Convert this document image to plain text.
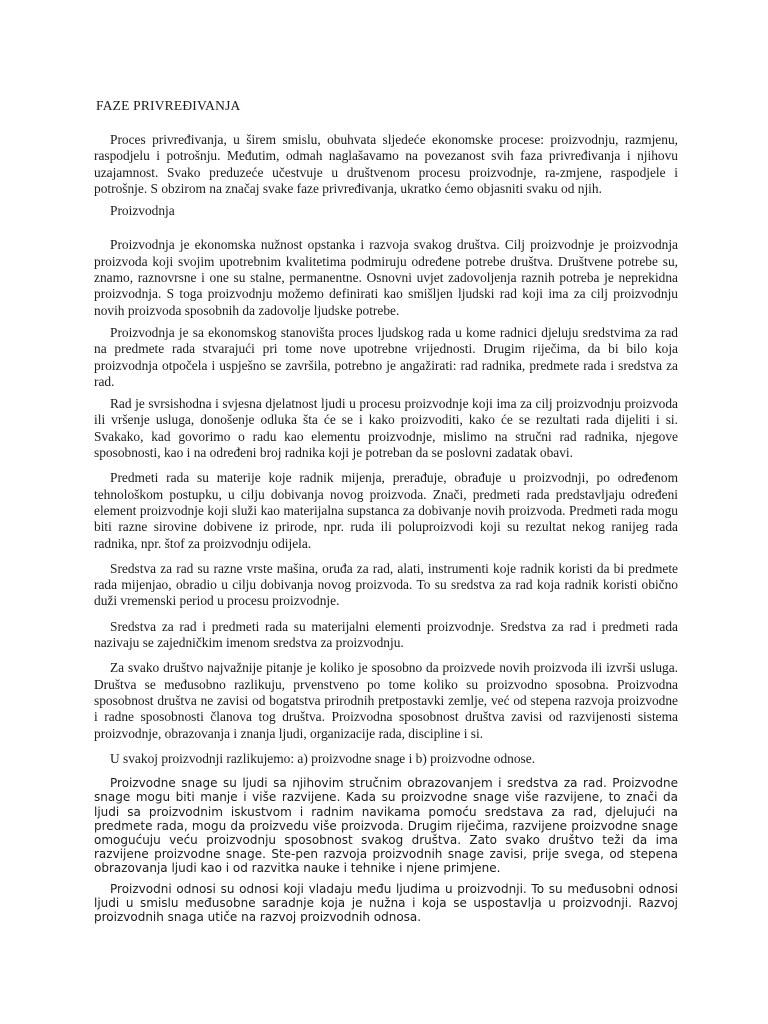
FAZE PRIVREĐIVANJA

Proces privređivanja, u širem smislu, obuhvata sljedeće ekonomske procese: proizvodnju, razmjenu, raspodjelu i potrošnju. Međutim, odmah naglašavamo na povezanost svih faza privređivanja i njihovu uzajamnost. Svako preduzeće učestvuje u društvenom procesu proizvodnje, ra-zmjene, raspodjele i potrošnje. S obzirom na značaj svake faze privređivanja, ukratko ćemo objasniti svaku od njih.

Proizvodnja

Proizvodnja je ekonomska nužnost opstanka i razvoja svakog društva. Cilj proizvodnje je proizvodnja proizvoda koji svojim upotrebnim kvalitetima podmiruju određene potrebe društva. Društvene potrebe su, znamo, raznovrsne i one su stalne, permanentne. Osnovni uvjet zadovoljenja raznih potreba je neprekidna proizvodnja. S toga proizvodnju možemo definirati kao smišljen ljudski rad koji ima za cilj proizvodnju novih proizvoda sposobnih da zadovolje ljudske potrebe.

Proizvodnja je sa ekonomskog stanovišta proces ljudskog rada u kome radnici djeluju sredstvima za rad na predmete rada stvarajući pri tome nove upotrebne vrijednosti. Drugim riječima, da bi bilo koja proizvodnja otpočela i uspješno se završila, potrebno je angažirati: rad radnika, predmete rada i sredstva za rad.

Rad je svrsishodna i svjesna djelatnost ljudi u procesu proizvodnje koji ima za cilj proizvodnju proizvoda ili vršenje usluga, donošenje odluka šta će se i kako proizvoditi, kako će se rezultati rada dijeliti i si. Svakako, kad govorimo o radu kao elementu proizvodnje, mislimo na stručni rad radnika, njegove sposobnosti, kao i na određeni broj radnika koji je potreban da se poslovni zadatak obavi.

Predmeti rada su materije koje radnik mijenja, prerađuje, obrađuje u proizvodnji, po određenom tehnološkom postupku, u cilju dobivanja novog proizvoda. Znači, predmeti rada predstavljaju određeni element proizvodnje koji služi kao materijalna supstanca za dobivanje novih proizvoda. Predmeti rada mogu biti razne sirovine dobivene iz prirode, npr. ruda ili poluproizvodi koji su rezultat nekog ranijeg rada radnika, npr. štof za proizvodnju odijela.

Sredstva za rad su razne vrste mašina, oruđa za rad, alati, instrumenti koje radnik koristi da bi predmete rada mijenjao, obradio u cilju dobivanja novog proizvoda. To su sredstva za rad koja radnik koristi obično duži vremenski period u procesu proizvodnje.

Sredstva za rad i predmeti rada su materijalni elementi proizvodnje. Sredstva za rad i predmeti rada nazivaju se zajedničkim imenom sredstva za proizvodnju.

Za svako društvo najvažnije pitanje je koliko je sposobno da proizvede novih proizvoda ili izvrši usluga. Društva se međusobno razlikuju, prvenstveno po tome koliko su proizvodno sposobna. Proizvodna sposobnost društva ne zavisi od bogatstva prirodnih pretpostavki zemlje, već od stepena razvoja proizvodne i radne sposobnosti članova tog društva. Proizvodna sposobnost društva zavisi od razvijenosti sistema proizvodnje, obrazovanja i znanja ljudi, organizacije rada, discipline i si.

U svakoj proizvodnji razlikujemo: a) proizvodne snage i b) proizvodne odnose.

Proizvodne snage su ljudi sa njihovim stručnim obrazovanjem i sredstva za rad. Proizvodne snage mogu biti manje i više razvijene. Kada su proizvodne snage više razvijene, to znači da ljudi sa proizvodnim iskustvom i radnim navikama pomoću sredstava za rad, djelujući na predmete rada, mogu da proizvedu više proizvoda. Drugim riječima, razvijene proizvodne snage omogućuju veću proizvodnju sposobnost svakog društva. Zato svako društvo teži da ima razvijene proizvodne snage. Ste-pen razvoja proizvodnih snage zavisi, prije svega, od stepena obrazovanja ljudi kao i od razvitka nauke i tehnike i njene primjene.

Proizvodni odnosi su odnosi koji vladaju među ljudima u proizvodnji. To su međusobni odnosi ljudi u smislu međusobne saradnje koja je nužna i koja se uspostavlja u proizvodnji. Razvoj proizvodnih snaga utiče na razvoj proizvodnih odnosa.
